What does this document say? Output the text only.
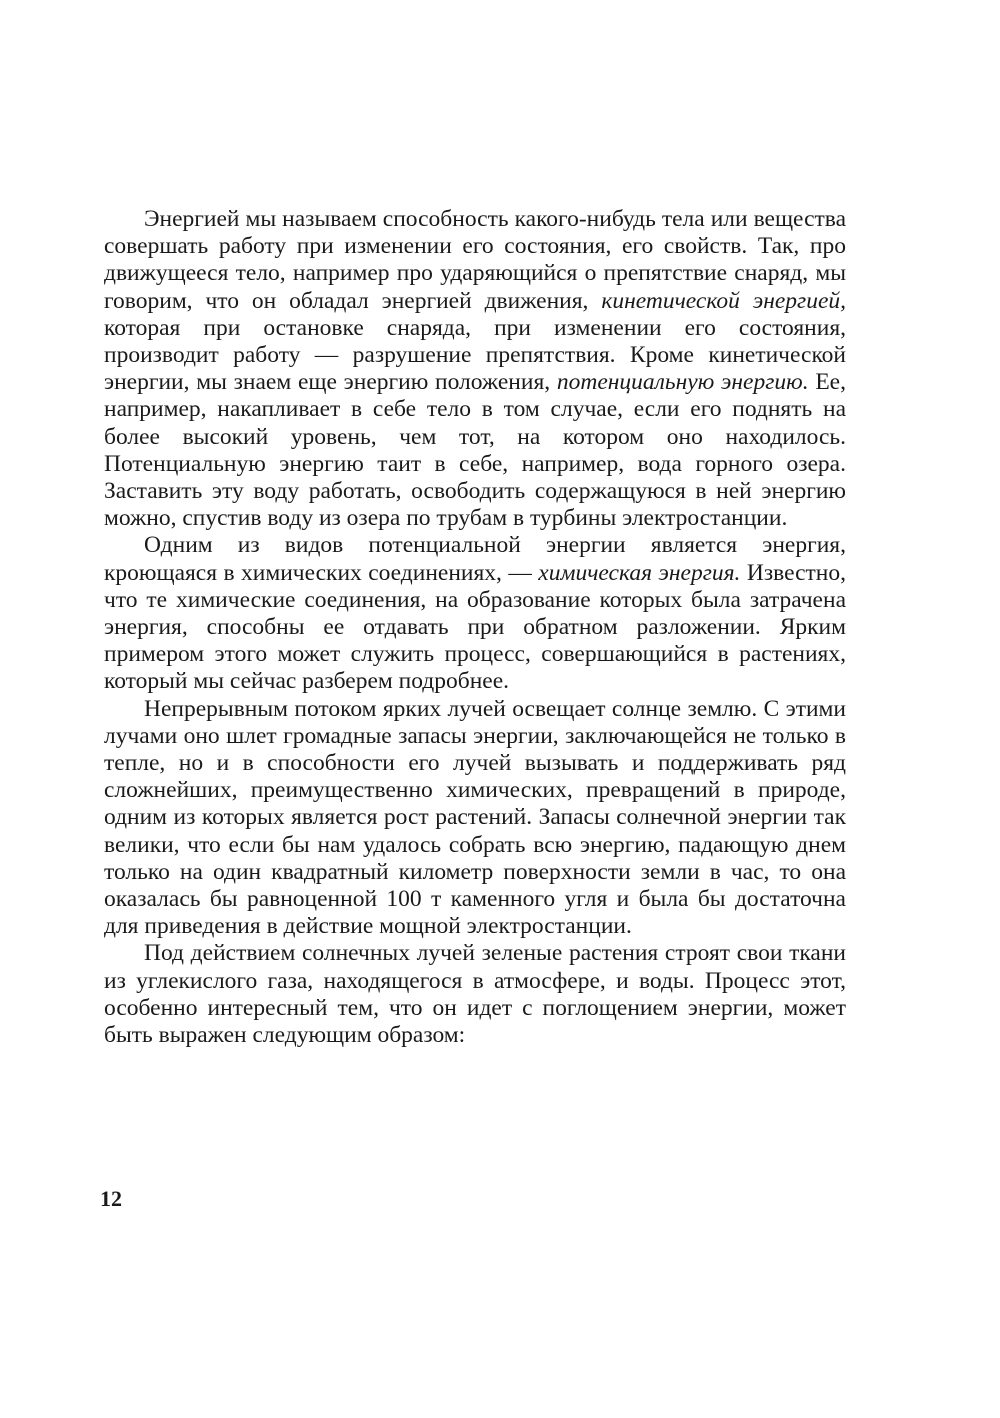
Энергией мы называем способность какого-нибудь тела или вещества совершать работу при изменении его состояния, его свойств. Так, про движущееся тело, например про ударяющийся о препятствие снаряд, мы говорим, что он обладал энергией движения, кинетической энергией, которая при остановке снаряда, при изменении его состояния, производит работу — разрушение препятствия. Кроме кинетической энергии, мы знаем еще энергию положения, потенциальную энергию. Ее, например, накапливает в себе тело в том случае, если его поднять на более высокий уровень, чем тот, на котором оно находилось. Потенциальную энергию таит в себе, например, вода горного озера. Заставить эту воду работать, освободить содержащуюся в ней энергию можно, спустив воду из озера по трубам в турбины электростанции.

Одним из видов потенциальной энергии является энергия, кроющаяся в химических соединениях, — химическая энергия. Известно, что те химические соединения, на образование которых была затрачена энергия, способны ее отдавать при обратном разложении. Ярким примером этого может служить процесс, совершающийся в растениях, который мы сейчас разберем подробнее.

Непрерывным потоком ярких лучей освещает солнце землю. С этими лучами оно шлет громадные запасы энергии, заключающейся не только в тепле, но и в способности его лучей вызывать и поддерживать ряд сложнейших, преимущественно химических, превращений в природе, одним из которых является рост растений. Запасы солнечной энергии так велики, что если бы нам удалось собрать всю энергию, падающую днем только на один квадратный километр поверхности земли в час, то она оказалась бы равноценной 100 т каменного угля и была бы достаточна для приведения в действие мощной электростанции.

Под действием солнечных лучей зеленые растения строят свои ткани из углекислого газа, находящегося в атмосфере, и воды. Процесс этот, особенно интересный тем, что он идет с поглощением энергии, может быть выражен следующим образом:

12
